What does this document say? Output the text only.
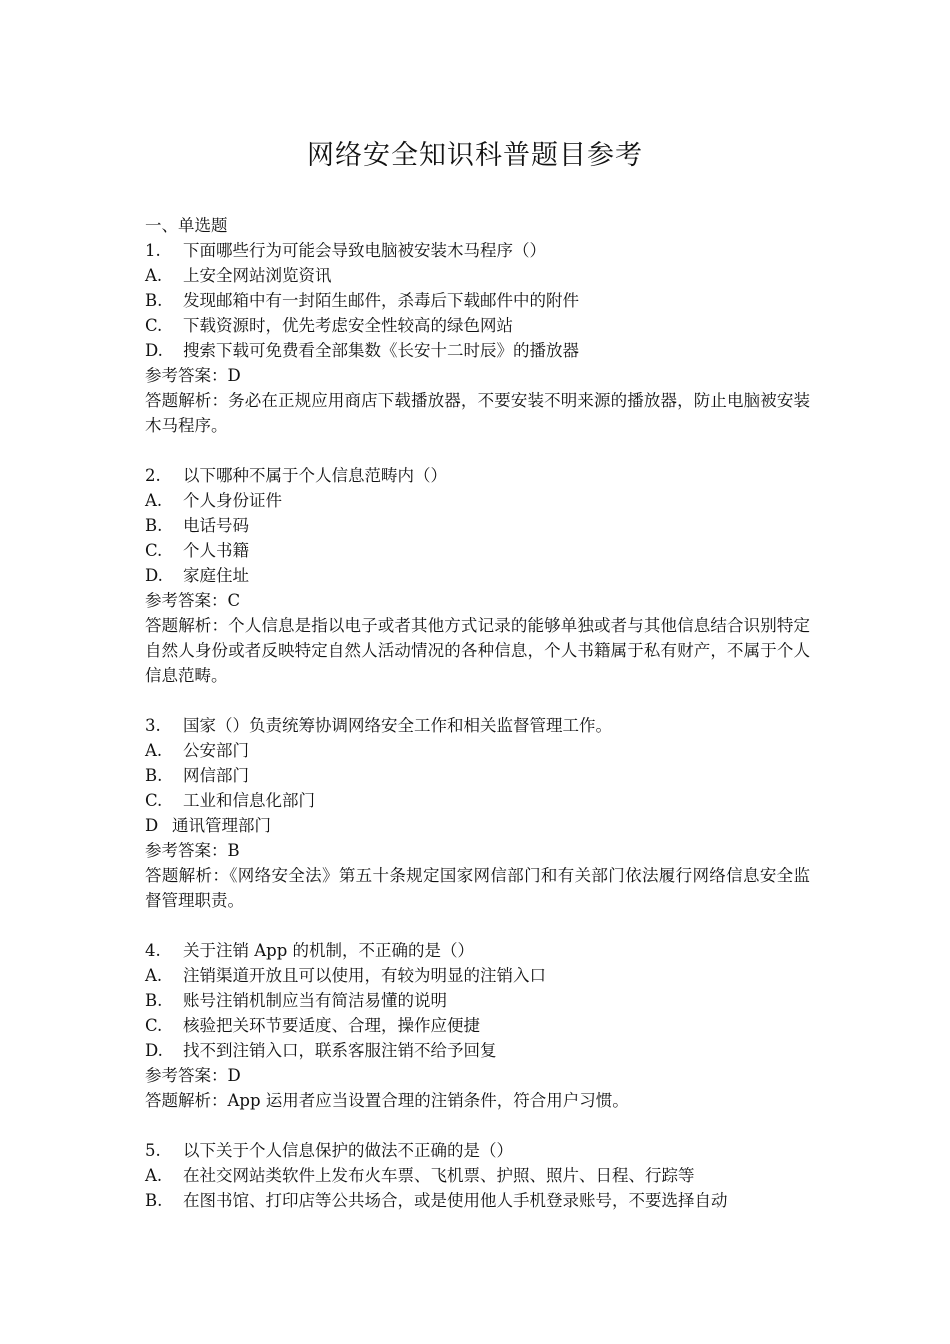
网络安全知识科普题目参考
一、单选题
1. 下面哪些行为可能会导致电脑被安装木马程序（）
A. 上安全网站浏览资讯
B. 发现邮箱中有一封陌生邮件，杀毒后下载邮件中的附件
C. 下载资源时，优先考虑安全性较高的绿色网站
D. 搜索下载可免费看全部集数《长安十二时辰》的播放器
参考答案：D
答题解析：务必在正规应用商店下载播放器，不要安装不明来源的播放器，防止电脑被安装木马程序。
2. 以下哪种不属于个人信息范畴内（）
A. 个人身份证件
B. 电话号码
C. 个人书籍
D. 家庭住址
参考答案：C
答题解析：个人信息是指以电子或者其他方式记录的能够单独或者与其他信息结合识别特定自然人身份或者反映特定自然人活动情况的各种信息，个人书籍属于私有财产，不属于个人信息范畴。
3. 国家（）负责统筹协调网络安全工作和相关监督管理工作。
A. 公安部门
B. 网信部门
C. 工业和信息化部门
D 通讯管理部门
参考答案：B
答题解析：《网络安全法》第五十条规定国家网信部门和有关部门依法履行网络信息安全监督管理职责。
4. 关于注销 App 的机制，不正确的是（）
A. 注销渠道开放且可以使用，有较为明显的注销入口
B. 账号注销机制应当有简洁易懂的说明
C. 核验把关环节要适度、合理，操作应便捷
D. 找不到注销入口，联系客服注销不给予回复
参考答案：D
答题解析：App 运用者应当设置合理的注销条件，符合用户习惯。
5. 以下关于个人信息保护的做法不正确的是（）
A. 在社交网站类软件上发布火车票、飞机票、护照、照片、日程、行踪等
B. 在图书馆、打印店等公共场合，或是使用他人手机登录账号，不要选择自动
